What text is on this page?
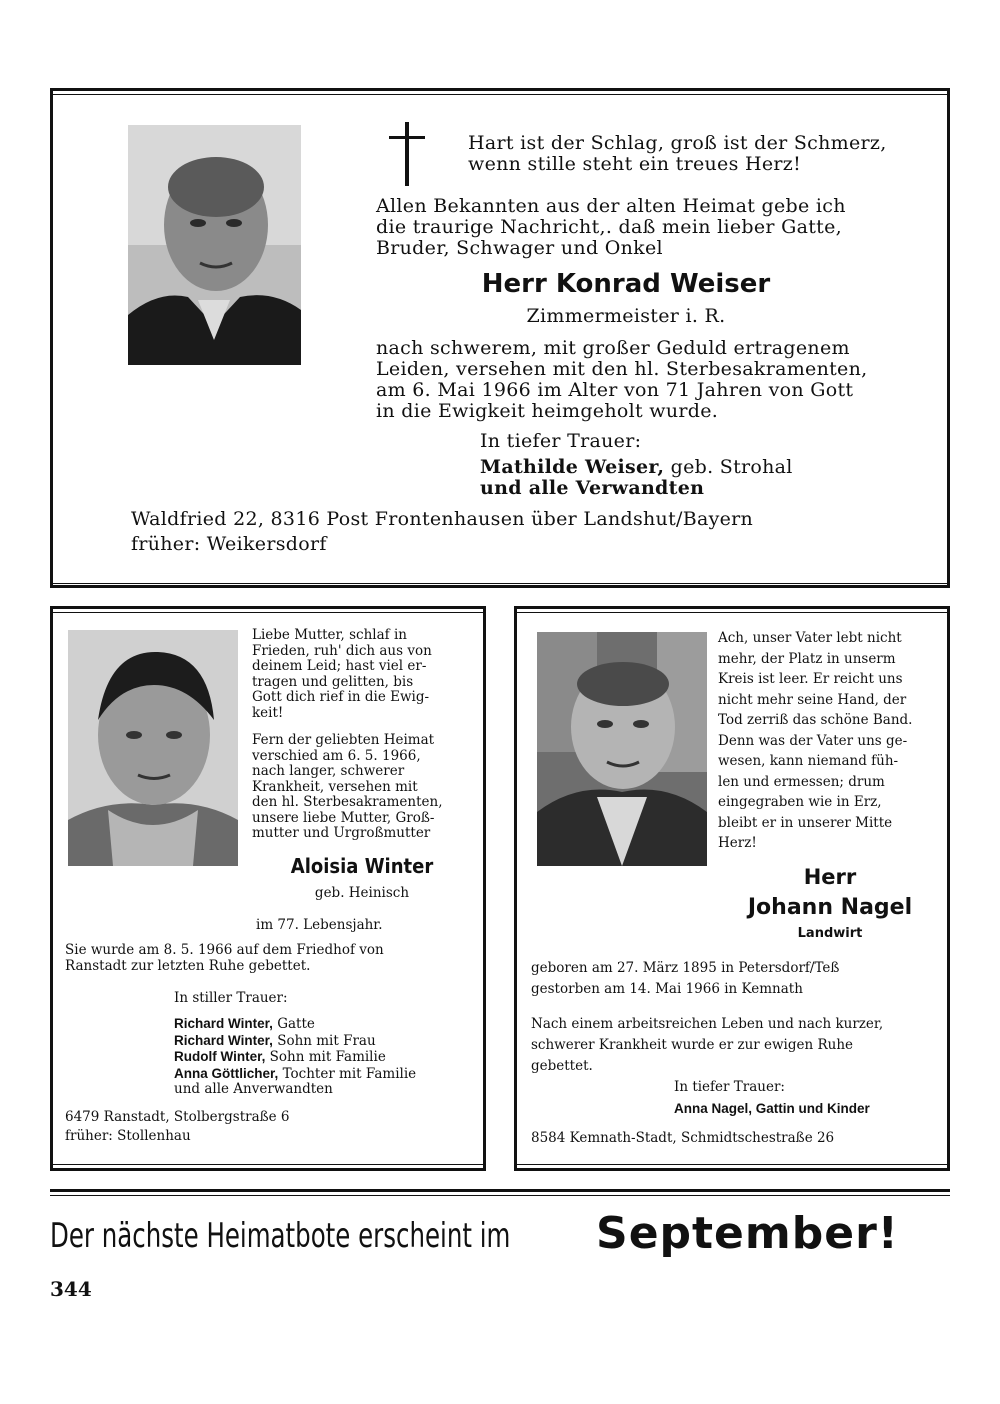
Hart ist der Schlag, groß ist der Schmerz,
wenn stille steht ein treues Herz!
Allen Bekannten aus der alten Heimat gebe ich
die traurige Nachricht,. daß mein lieber Gatte,
Bruder, Schwager und Onkel
Herr Konrad Weiser
Zimmermeister i. R.
nach schwerem, mit großer Geduld ertragenem
Leiden, versehen mit den hl. Sterbesakramenten,
am 6. Mai 1966 im Alter von 71 Jahren von Gott
in die Ewigkeit heimgeholt wurde.
In tiefer Trauer:
Mathilde Weiser, geb. Strohal
und alle Verwandten
Waldfried 22, 8316 Post Frontenhausen über Landshut/Bayern
früher: Weikersdorf
Liebe Mutter, schlaf in
Frieden, ruh' dich aus von
deinem Leid; hast viel er-
tragen und gelitten, bis
Gott dich rief in die Ewig-
keit!
Fern der geliebten Heimat
verschied am 6. 5. 1966,
nach langer, schwerer
Krankheit, versehen mit
den hl. Sterbesakramenten,
unsere liebe Mutter, Groß-
mutter und Urgroßmutter
Aloisia Winter
geb. Heinisch
im 77. Lebensjahr.
Sie wurde am 8. 5. 1966 auf dem Friedhof von
Ranstadt zur letzten Ruhe gebettet.
In stiller Trauer:
Richard Winter, Gatte
Richard Winter, Sohn mit Frau
Rudolf Winter, Sohn mit Familie
Anna Göttlicher, Tochter mit Familie
und alle Anverwandten
6479 Ranstadt, Stolbergstraße 6
früher: Stollenhau
Ach, unser Vater lebt nicht
mehr, der Platz in unserm
Kreis ist leer. Er reicht uns
nicht mehr seine Hand, der
Tod zerriß das schöne Band.
Denn was der Vater uns ge-
wesen, kann niemand füh-
len und ermessen; drum
eingegraben wie in Erz,
bleibt er in unserer Mitte
Herz!
Herr
Johann Nagel
Landwirt
geboren am 27. März 1895 in Petersdorf/Teß
gestorben am 14. Mai 1966 in Kemnath
Nach einem arbeitsreichen Leben und nach kurzer,
schwerer Krankheit wurde er zur ewigen Ruhe
gebettet.
In tiefer Trauer:
Anna Nagel, Gattin und Kinder
8584 Kemnath-Stadt, Schmidtschestraße 26
Der nächste Heimatbote erscheint im	September!
344
